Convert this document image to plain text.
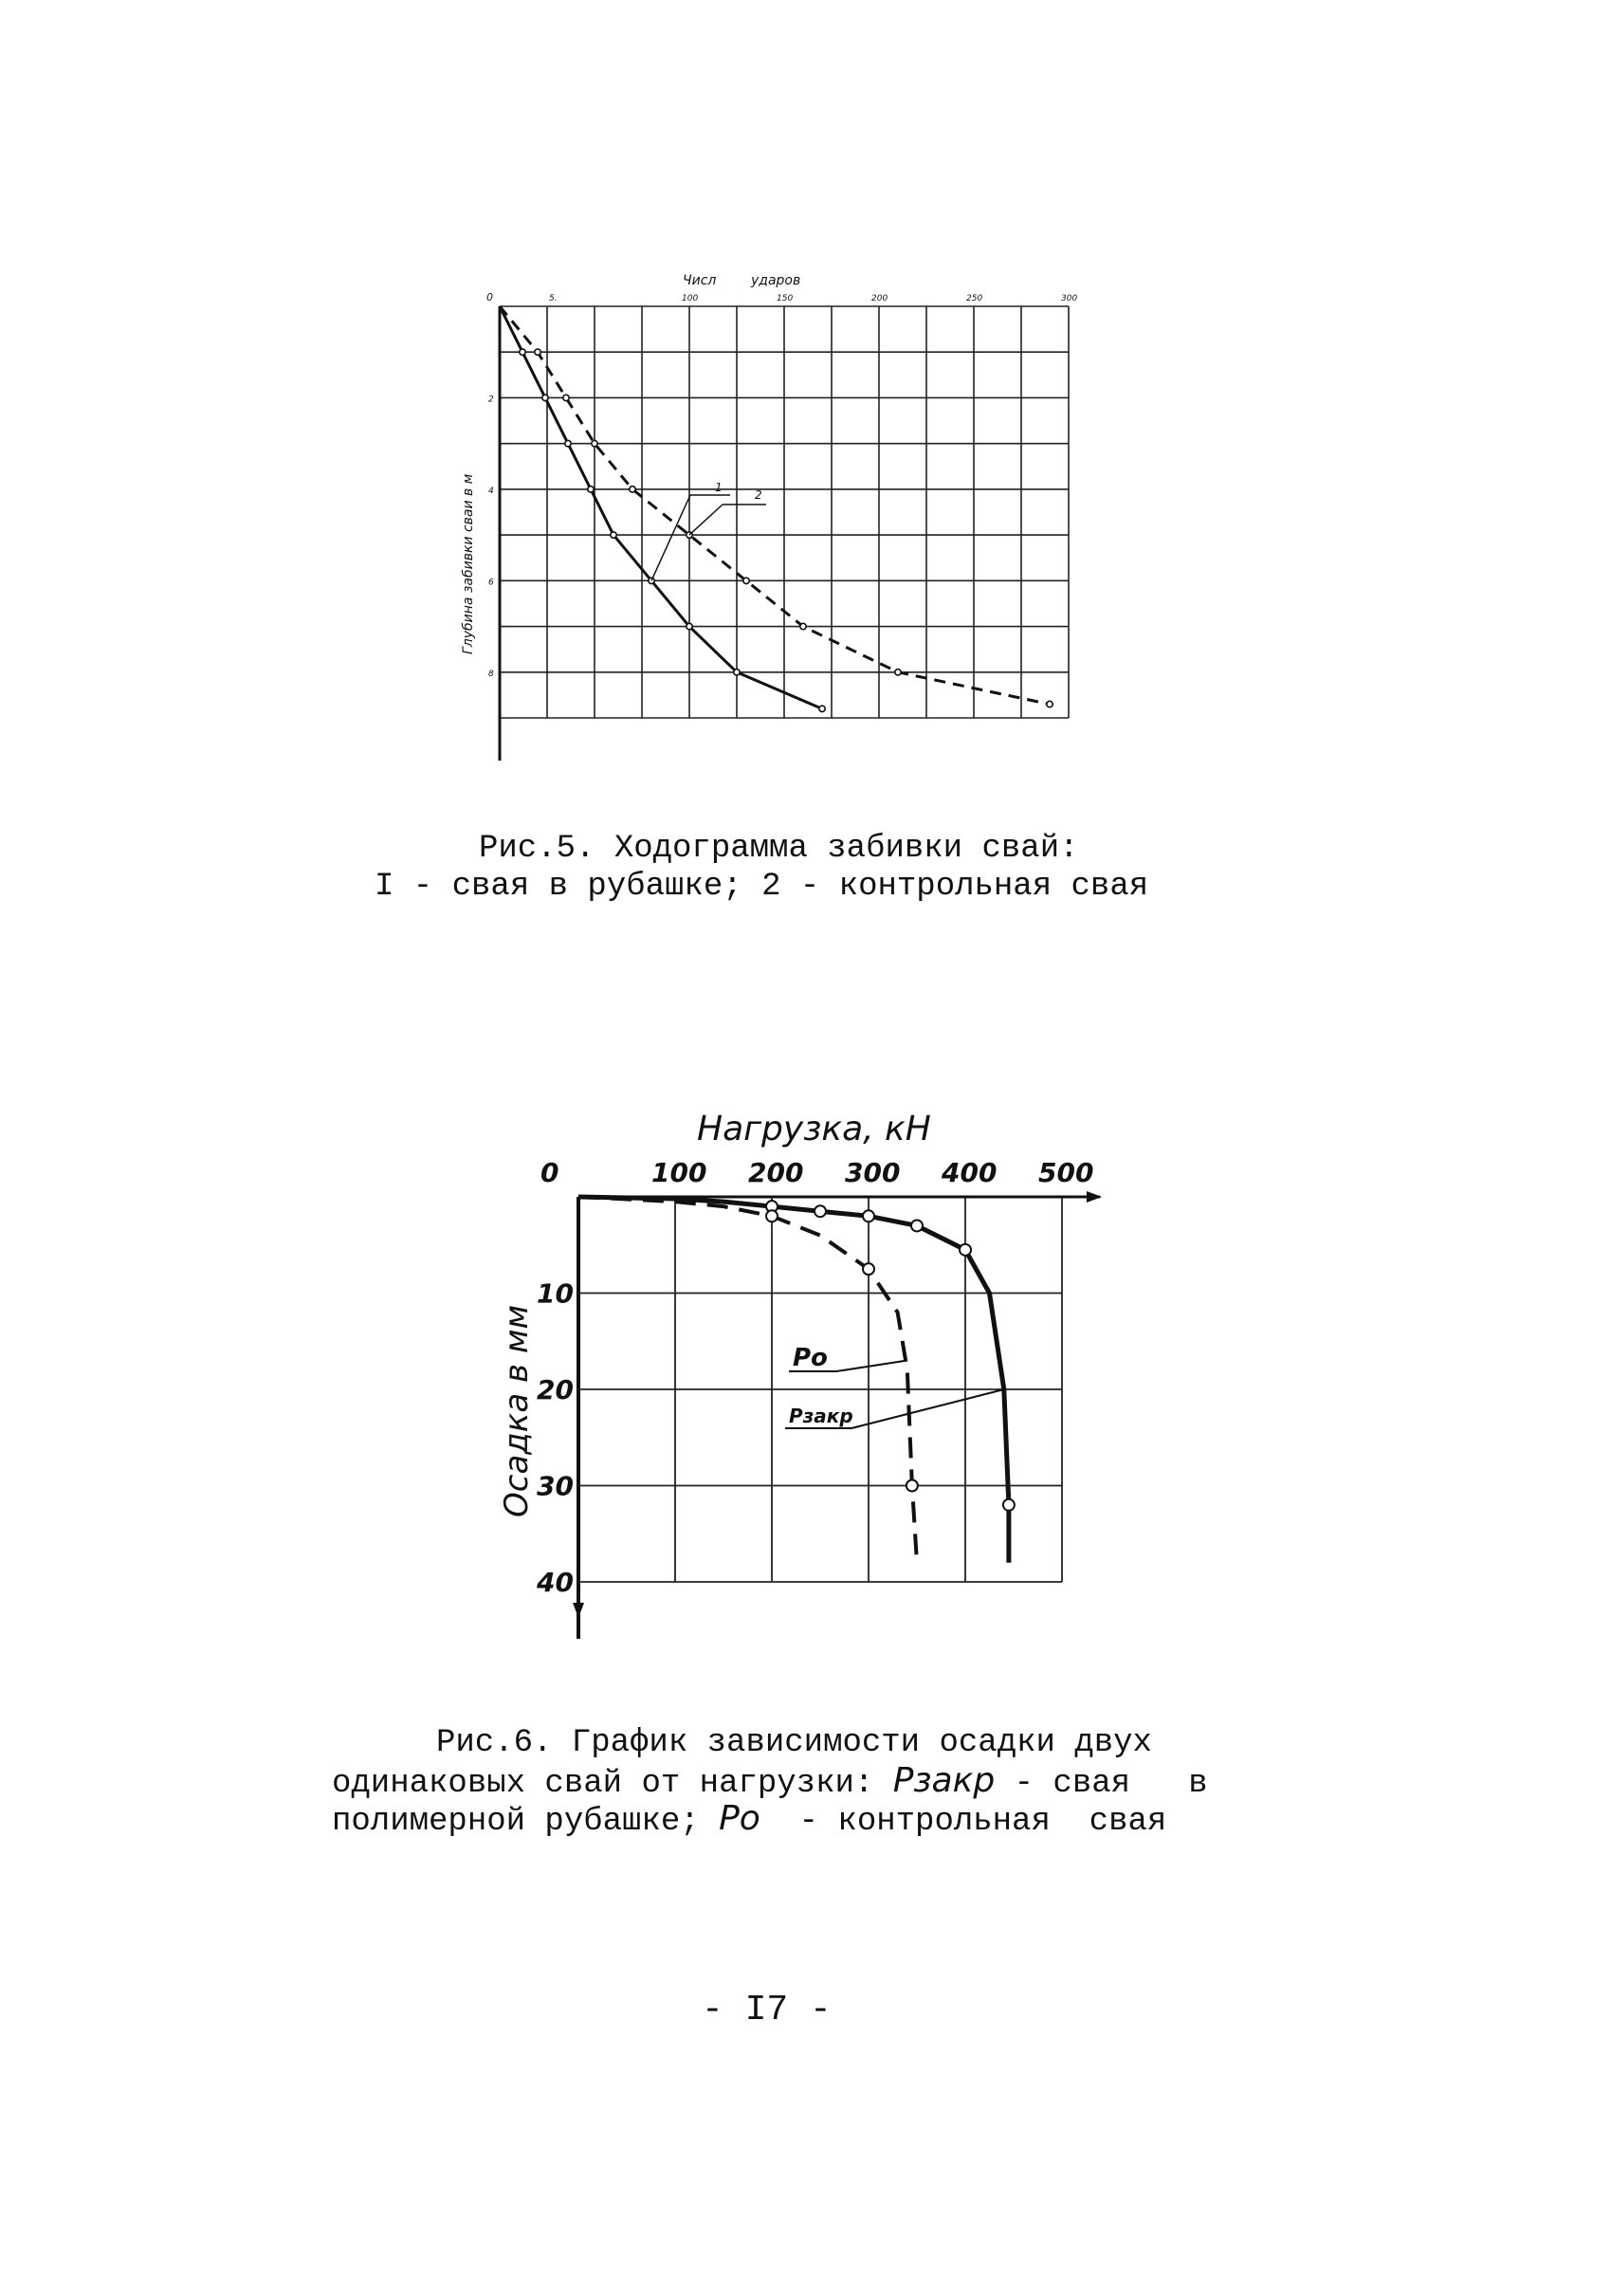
Числ	ударов
0	5.	100	150	200	250	300
2
4
6
8
Глубина забивки сваи в м	1
2
Рис.5. Ходограмма забивки свай:
I - свая в рубашке; 2 - контрольная свая
Нагрузка, кН
0	100 200 300 400 500
10
20
30
40
Осадка в мм	Po
Pзакр
Рис.6. График зависимости осадки двух
одинаковых свай от нагрузки: Pзакр - свая   в
полимерной рубашке; Po  - контрольная  свая
- I7 -
